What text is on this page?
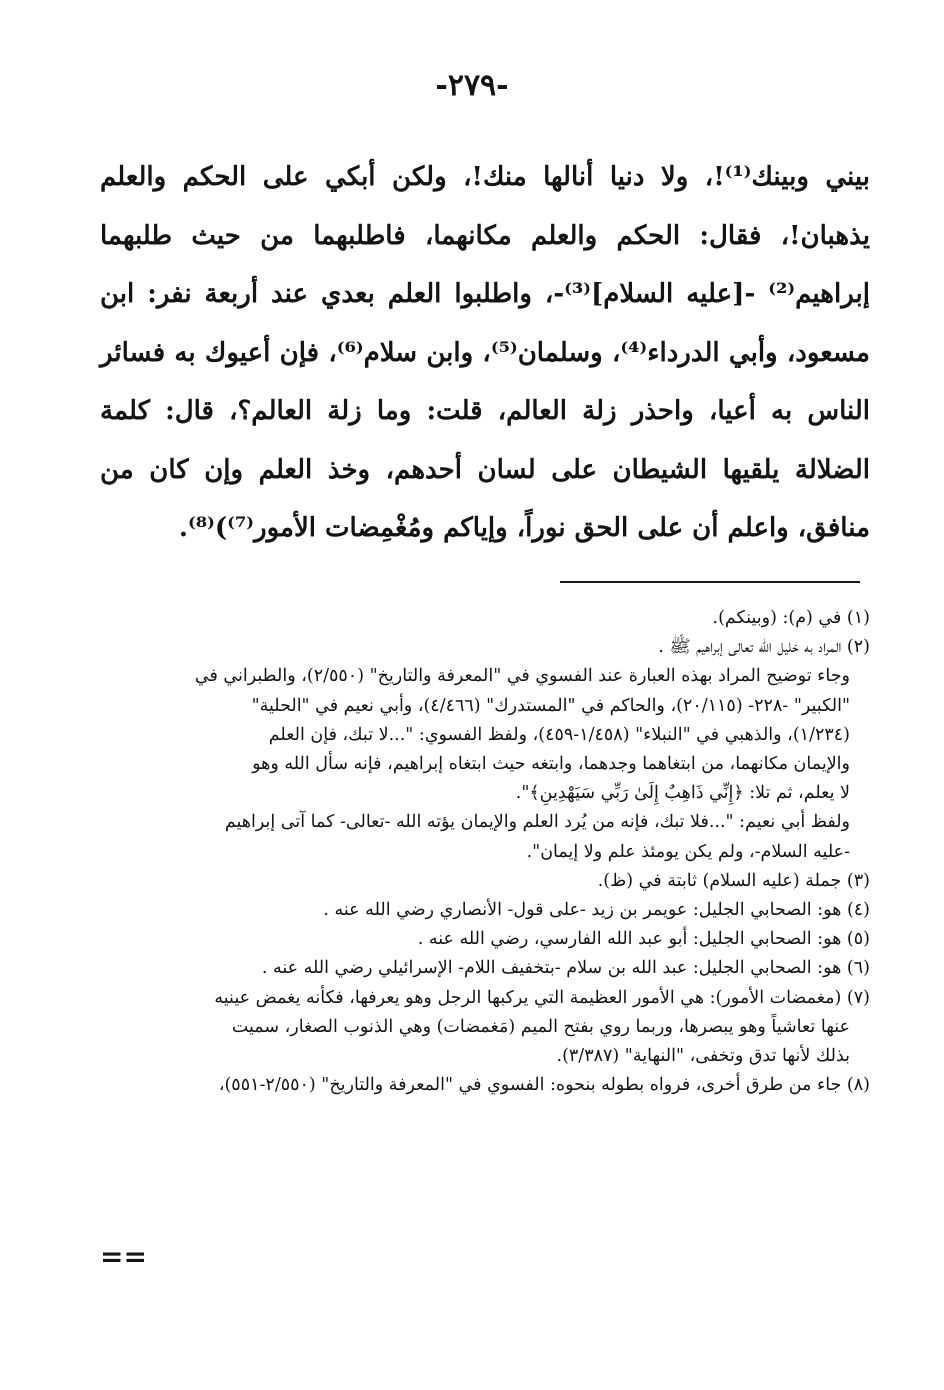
-٢٧٩-

بيني وبينك⁽¹⁾!، ولا دنيا أنالها منك!، ولكن أبكي على الحكم والعلم يذهبان!، فقال: الحكم والعلم مكانهما، فاطلبهما من حيث طلبهما إبراهيم⁽²⁾ -[عليه السلام]⁽³⁾-، واطلبوا العلم بعدي عند أربعة نفر: ابن مسعود، وأبي الدرداء⁽⁴⁾، وسلمان⁽⁵⁾، وابن سلام⁽⁶⁾، فإن أعيوك به فسائر الناس به أعيا، واحذر زلة العالم، قلت: وما زلة العالم؟، قال: كلمة الضلالة يلقيها الشيطان على لسان أحدهم، وخذ العلم وإن كان من منافق، واعلم أن على الحق نوراً، وإياكم ومُغْمِضات الأمور⁽⁷⁾)⁽⁸⁾.

(١) في (م): (وبينكم).

(٢) المراد به خليل الله تعالى إبراهيم ﷺ .

وجاء توضيح المراد بهذه العبارة عند الفسوي في "المعرفة والتاريخ" (٢/٥٥٠)، والطبراني في
"الكبير" -٢٢٨- (٢٠/١١٥)، والحاكم في "المستدرك" (٤/٤٦٦)، وأبي نعيم في "الحلية"
(١/٢٣٤)، والذهبي في "النبلاء" (١/٤٥٨-٤٥٩)، ولفظ الفسوي: "...لا تبك، فإن العلم
والإيمان مكانهما، من ابتغاهما وجدهما، وابتغه حيث ابتغاه إبراهيم، فإنه سأل الله وهو
لا يعلم، ثم تلا: ﴿إِنِّي ذَاهِبٌ إِلَىٰ رَبِّي سَيَهْدِينِ﴾".
ولفظ أبي نعيم: "...فلا تبك، فإنه من يُرد العلم والإيمان يؤته الله -تعالى- كما آتى إبراهيم
-عليه السلام-، ولم يكن يومئذ علم ولا إيمان".

(٣) جملة (عليه السلام) ثابتة في (ظ).

(٤) هو: الصحابي الجليل: عويمر بن زيد -على قول- الأنصاري رضي الله عنه .

(٥) هو: الصحابي الجليل: أبو عبد الله الفارسي، رضي الله عنه .

(٦) هو: الصحابي الجليل: عبد الله بن سلام -بتخفيف اللام- الإسرائيلي رضي الله عنه .

(٧) (مغمضات الأمور): هي الأمور العظيمة التي يركبها الرجل وهو يعرفها، فكأنه يغمض عينيه
عنها تعاشياً وهو يبصرها، وربما روي بفتح الميم (مَغمضات) وهي الذنوب الصغار، سميت
بذلك لأنها تدق وتخفى، "النهاية" (٣/٣٨٧).

(٨) جاء من طرق أخرى، فرواه بطوله بنحوه: الفسوي في "المعرفة والتاريخ" (٢/٥٥٠-٥٥١)،

==
